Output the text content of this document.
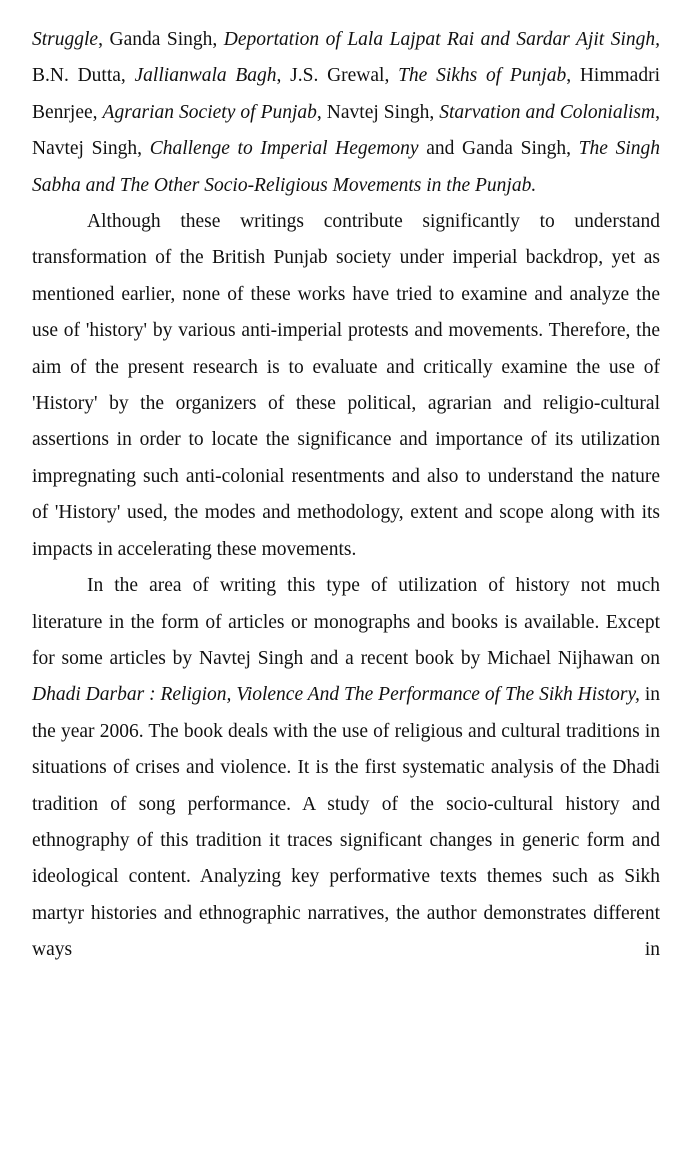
Struggle, Ganda Singh, Deportation of Lala Lajpat Rai and Sardar Ajit Singh, B.N. Dutta, Jallianwala Bagh, J.S. Grewal, The Sikhs of Punjab, Himmadri Benrjee, Agrarian Society of Punjab, Navtej Singh, Starvation and Colonialism, Navtej Singh, Challenge to Imperial Hegemony and Ganda Singh, The Singh Sabha and The Other Socio-Religious Movements in the Punjab.

Although these writings contribute significantly to understand transformation of the British Punjab society under imperial backdrop, yet as mentioned earlier, none of these works have tried to examine and analyze the use of 'history' by various anti-imperial protests and movements. Therefore, the aim of the present research is to evaluate and critically examine the use of 'History' by the organizers of these political, agrarian and religio-cultural assertions in order to locate the significance and importance of its utilization impregnating such anti-colonial resentments and also to understand the nature of 'History' used, the modes and methodology, extent and scope along with its impacts in accelerating these movements.

In the area of writing this type of utilization of history not much literature in the form of articles or monographs and books is available. Except for some articles by Navtej Singh and a recent book by Michael Nijhawan on Dhadi Darbar : Religion, Violence And The Performance of The Sikh History, in the year 2006. The book deals with the use of religious and cultural traditions in situations of crises and violence. It is the first systematic analysis of the Dhadi tradition of song performance. A study of the socio-cultural history and ethnography of this tradition it traces significant changes in generic form and ideological content. Analyzing key performative texts themes such as Sikh martyr histories and ethnographic narratives, the author demonstrates different ways in
